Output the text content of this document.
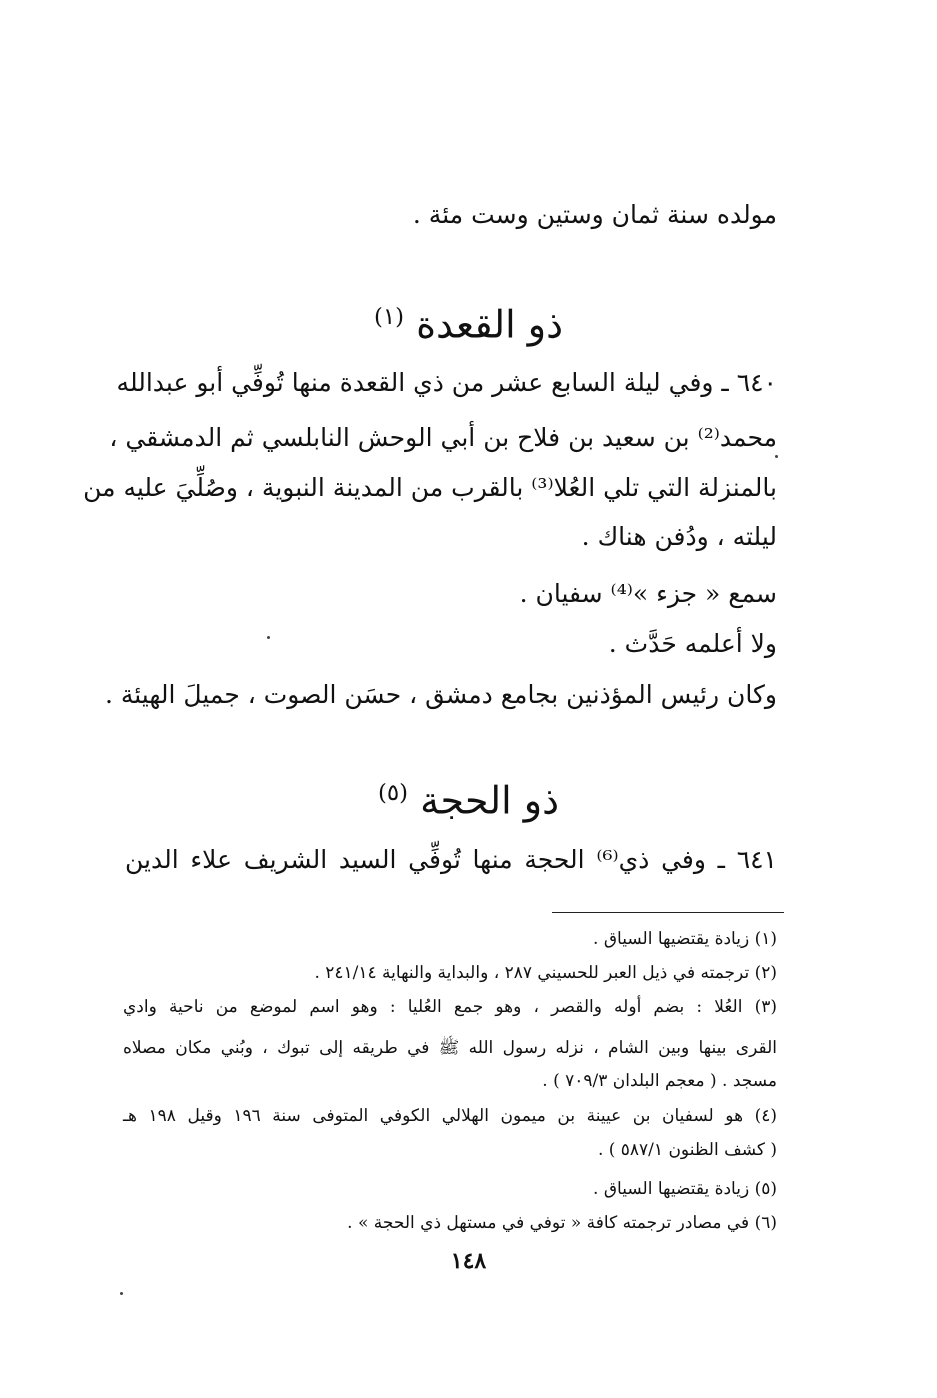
مولده سنة ثمان وستين وست مئة .
ذو القعدة $^{(١)}$
٦٤٠ ـ وفي ليلة السابع عشر من ذي القعدة منها تُوفِّي أبو عبدالله
محمد⁽²⁾ بن سعيد بن فلاح بن أبي الوحش النابلسي ثم الدمشقي ،
بالمنزلة التي تلي العُلا⁽³⁾ بالقرب من المدينة النبوية ، وصُلِّيَ عليه من
ليلته ، ودُفن هناك .
سمع « جزء »⁽⁴⁾ سفيان .
ولا أعلمه حَدَّث .
وكان رئيس المؤذنين بجامع دمشق ، حسَن الصوت ، جميلَ الهيئة .
ذو الحجة $^{(٥)}$
٦٤١ ـ وفي ذي⁽⁶⁾ الحجة منها تُوفِّي السيد الشريف علاء الدين
(١) زيادة يقتضيها السياق .
(٢) ترجمته في ذيل العبر للحسيني ٢٨٧ ، والبداية والنهاية ٢٤١/١٤ .
(٣) العُلا : بضم أوله والقصر ، وهو جمع العُليا : وهو اسم لموضع من ناحية وادي
القرى بينها وبين الشام ، نزله رسول الله ﷺ في طريقه إلى تبوك ، وبُني مكان مصلاه
مسجد . ( معجم البلدان ٧٠٩/٣ ) .
(٤) هو لسفيان بن عيينة بن ميمون الهلالي الكوفي المتوفى سنة ١٩٦ وقيل ١٩٨ هـ
( كشف الظنون ٥٨٧/١ ) .
(٥) زيادة يقتضيها السياق .
(٦) في مصادر ترجمته كافة « توفي في مستهل ذي الحجة » .
١٤٨
